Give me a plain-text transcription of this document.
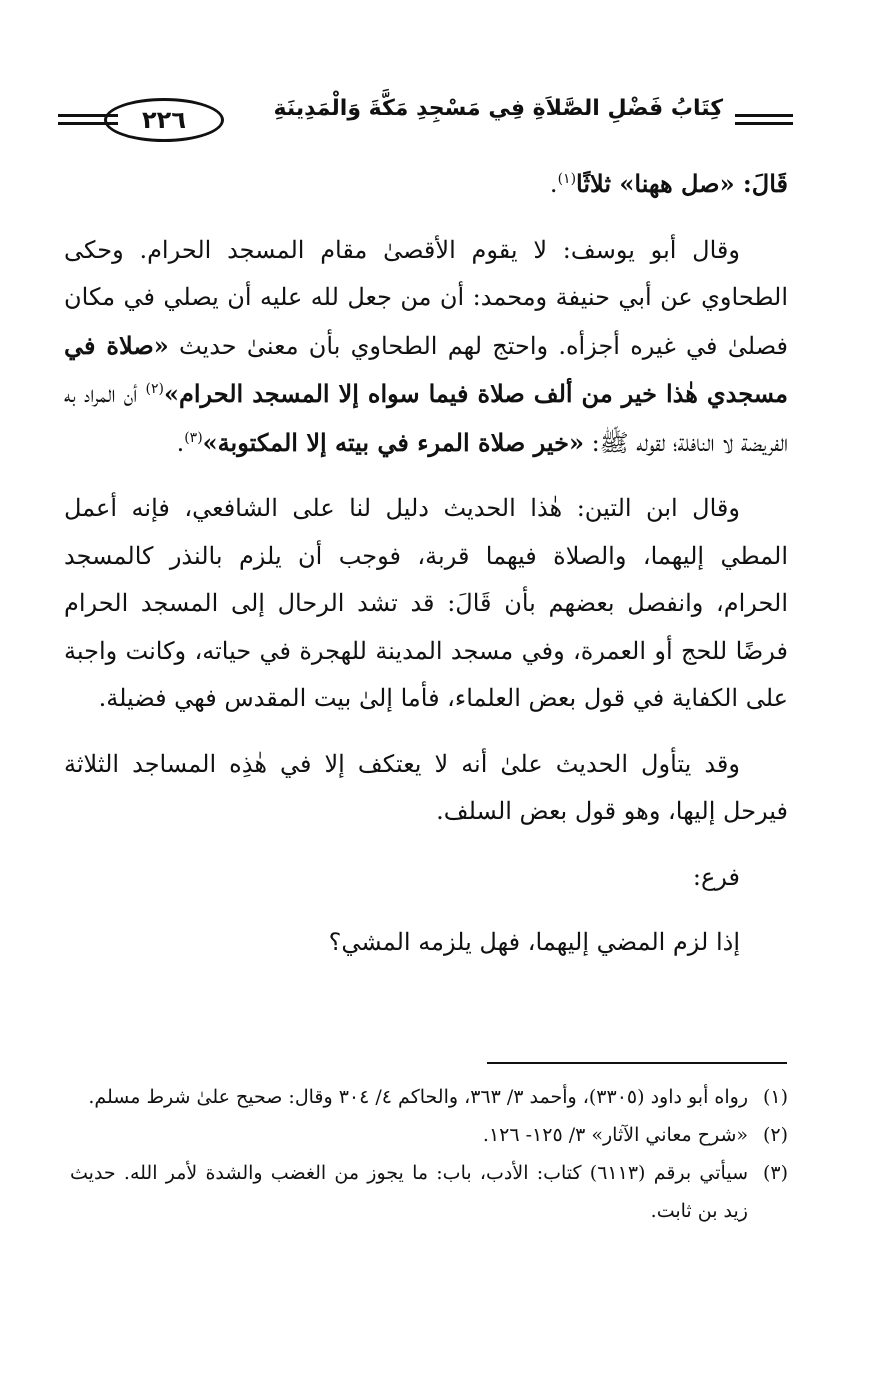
٢٢٦	كِتَابُ فَضْلِ الصَّلاَةِ فِي مَسْجِدِ مَكَّةَ وَالْمَدِينَةِ

قَالَ: «صل ههنا» ثلاثًا$^{(١)}$.

وقال أبو يوسف: لا يقوم الأقصىٰ مقام المسجد الحرام. وحكى الطحاوي عن أبي حنيفة ومحمد: أن من جعل لله عليه أن يصلي في مكان فصلىٰ في غيره أجزأه. واحتج لهم الطحاوي بأن معنىٰ حديث «صلاة في مسجدي هٰذا خير من ألف صلاة فيما سواه إلا المسجد الحرام»$^{(٢)}$ أن المراد به الفريضة لا النافلة؛ لقوله ﷺ: «خير صلاة المرء في بيته إلا المكتوبة»$^{(٣)}$.

وقال ابن التين: هٰذا الحديث دليل لنا على الشافعي، فإنه أعمل المطي إليهما، والصلاة فيهما قربة، فوجب أن يلزم بالنذر كالمسجد الحرام، وانفصل بعضهم بأن قَالَ: قد تشد الرحال إلى المسجد الحرام فرضًا للحج أو العمرة، وفي مسجد المدينة للهجرة في حياته، وكانت واجبة على الكفاية في قول بعض العلماء، فأما إلىٰ بيت المقدس فهي فضيلة.

وقد يتأول الحديث علىٰ أنه لا يعتكف إلا في هٰذِه المساجد الثلاثة فيرحل إليها، وهو قول بعض السلف.

فرع:

إذا لزم المضي إليهما، فهل يلزمه المشي؟

(١)
رواه أبو داود (٣٣٠٥)، وأحمد ٣/ ٣٦٣، والحاكم ٤/ ٣٠٤ وقال: صحيح علىٰ شرط مسلم.
(٢)
«شرح معاني الآثار» ٣/ ١٢٥- ١٢٦.
(٣)
سيأتي برقم (٦١١٣) كتاب: الأدب، باب: ما يجوز من الغضب والشدة لأمر الله. حديث زيد بن ثابت.
